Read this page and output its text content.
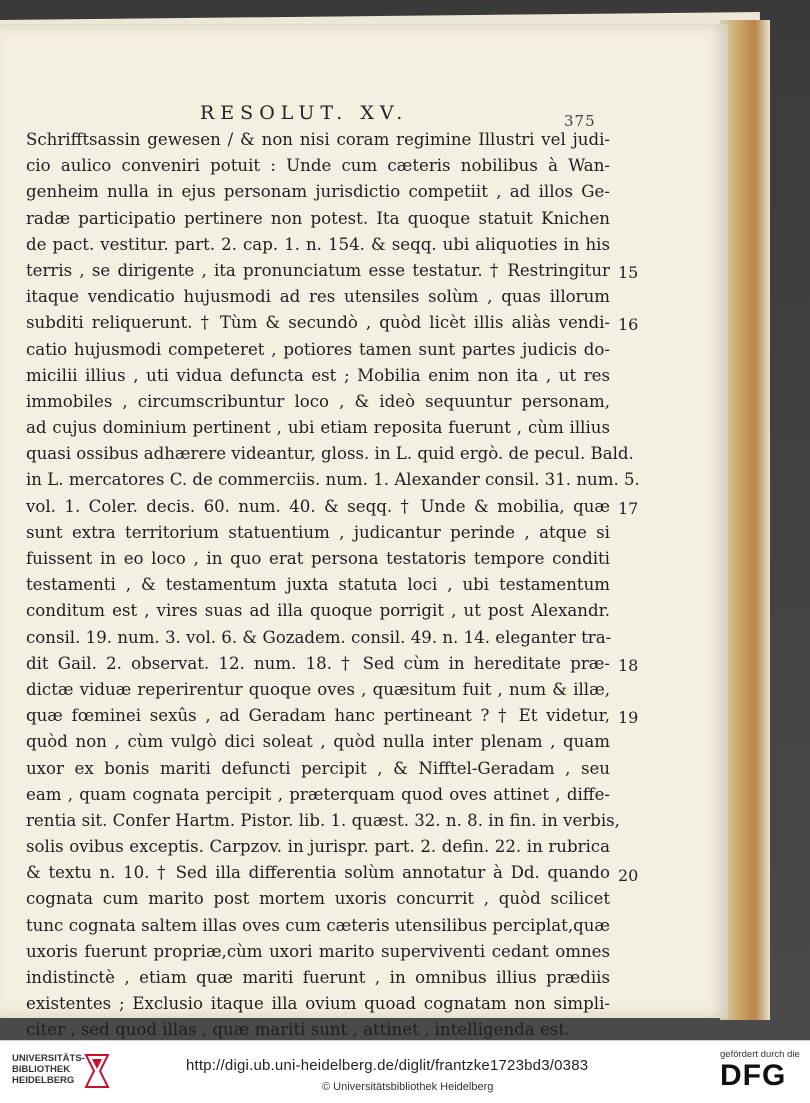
RESOLUT. XV.	375
Schrifftsassin gewesen / & non nisi coram regimine Illustri vel judi-
cio aulico conveniri potuit : Unde cum cæteris nobilibus à Wan-
genheim nulla in ejus personam jurisdictio competiit , ad illos Ge-
radæ participatio pertinere non potest. Ita quoque statuit Knichen
de pact. vestitur. part. 2. cap. 1. n. 154. & seqq. ubi aliquoties in his
terris , se dirigente , ita pronunciatum esse testatur. † Restringitur
itaque vendicatio hujusmodi ad res utensiles solùm , quas illorum
subditi reliquerunt. † Tùm & secundò , quòd licèt illis aliàs vendi-
catio hujusmodi competeret , potiores tamen sunt partes judicis do-
micilii illius , uti vidua defuncta est ; Mobilia enim non ita , ut res
immobiles , circumscribuntur loco , & ideò sequuntur personam,
ad cujus dominium pertinent , ubi etiam reposita fuerunt , cùm illius
quasi ossibus adhærere videantur, gloss. in L. quid ergò. de pecul. Bald.
in L. mercatores C. de commerciis. num. 1. Alexander consil. 31. num. 5.
vol. 1. Coler. decis. 60. num. 40. & seqq. † Unde & mobilia, quæ
sunt extra territorium statuentium , judicantur perinde , atque si
fuissent in eo loco , in quo erat persona testatoris tempore conditi
testamenti , & testamentum juxta statuta loci , ubi testamentum
conditum est , vires suas ad illa quoque porrigit , ut post Alexandr.
consil. 19. num. 3. vol. 6. & Gozadem. consil. 49. n. 14. eleganter tra-
dit Gail. 2. observat. 12. num. 18. † Sed cùm in hereditate præ-
dictæ viduæ reperirentur quoque oves , quæsitum fuit , num & illæ,
quæ fœminei sexûs , ad Geradam hanc pertineant ? † Et videtur,
quòd non , cùm vulgò dici soleat , quòd nulla inter plenam , quam
uxor ex bonis mariti defuncti percipit , & Nifftel-Geradam , seu
eam , quam cognata percipit , præterquam quod oves attinet , diffe-
rentia sit. Confer Hartm. Pistor. lib. 1. quæst. 32. n. 8. in fin. in verbis,
solis ovibus exceptis. Carpzov. in jurispr. part. 2. defin. 22. in rubrica
& textu n. 10. † Sed illa differentia solùm annotatur à Dd. quando
cognata cum marito post mortem uxoris concurrit , quòd scilicet
tunc cognata saltem illas oves cum cæteris utensilibus perciplat,quæ
uxoris fuerunt propriæ,cùm uxori marito superviventi cedant omnes
indistinctè , etiam quæ mariti fuerunt , in omnibus illius prædiis
existentes ; Exclusio itaque illa ovium quoad cognatam non simpli-
citer , sed quod illas , quæ mariti sunt , attinet , intelligenda est.
15
16
17
18
19
20
UNIVERSITÄTS-
BIBLIOTHEK
HEIDELBERG
http://digi.ub.uni-heidelberg.de/diglit/frantzke1723bd3/0383
© Universitätsbibliothek Heidelberg
gefördert durch die
DFG
